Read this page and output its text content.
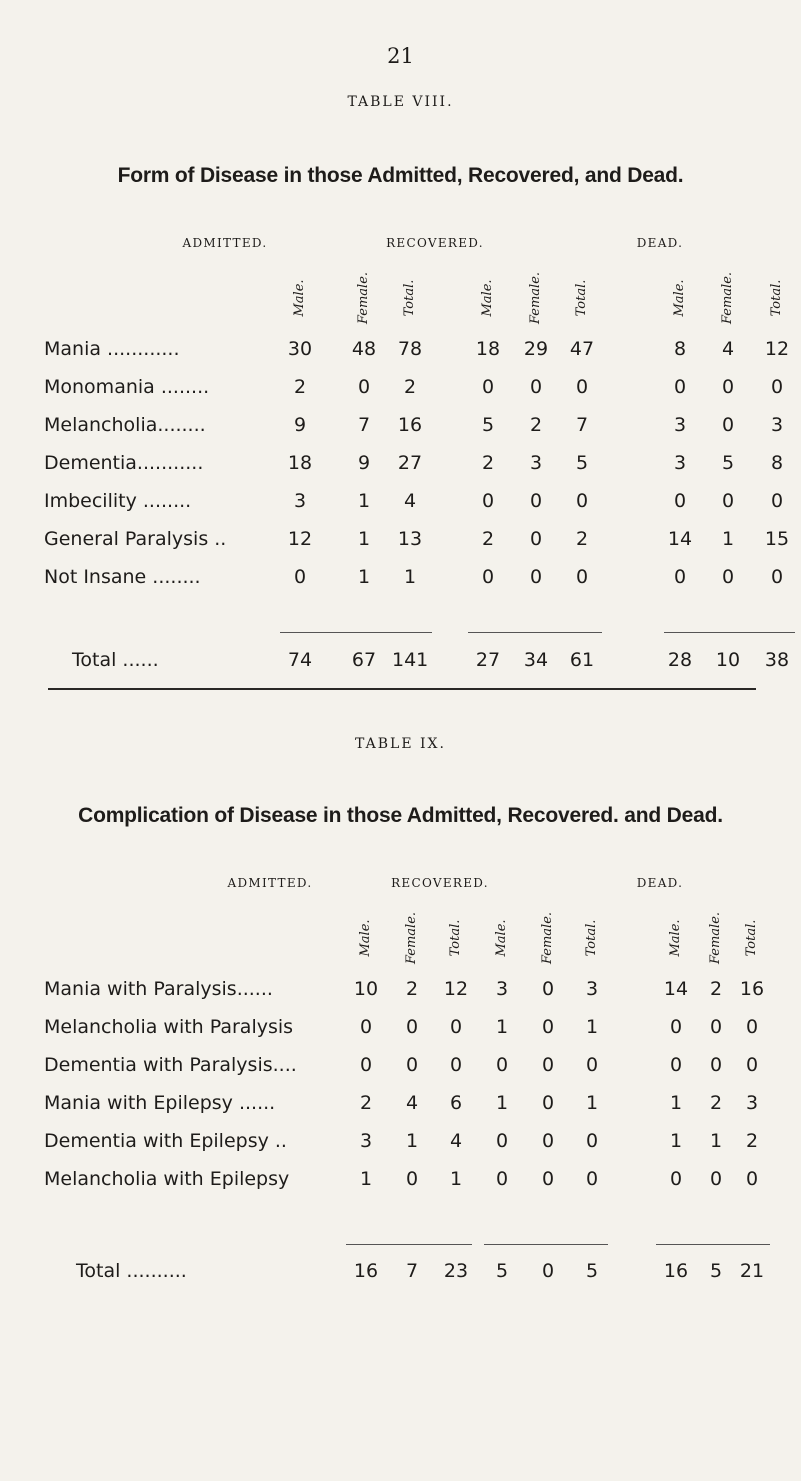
21
TABLE VIII.
Form of Disease in those Admitted, Recovered, and Dead.
ADMITTED.	RECOVERED.	DEAD.
Male.	Female. Total.	Male.	Female. Total.	Male.	Female.	Total.
Mania ............	30	48	78	18	29	47	8	4	12
Monomania ........	2	0	2	0	0	0	0	0	0
Melancholia........	9	7	16	5	2	7	3	0	3
Dementia...........	18	9	27	2	3	5	3	5	8
Imbecility ........	3	1	4	0	0	0	0	0	0
General Paralysis ..	12	1	13	2	0	2	14	1	15
Not Insane ........	0	1	1	0	0	0	0	0	0
Total ......	74	67 141	27	34	61	28	10	38
TABLE IX.
Complication of Disease in those Admitted, Recovered. and Dead.
ADMITTED.	RECOVERED.	DEAD.
Male. Female. Total. Male. Female. Total.	Male. Female. Total.
Mania with Paralysis......	10	2	12	3	0	3	14	2 16
Melancholia with Paralysis	0	0	0	1	0	1	0	0	0
Dementia with Paralysis....	0	0	0	0	0	0	0	0	0
Mania with Epilepsy ......	2	4	6	1	0	1	1	2	3
Dementia with Epilepsy ..	3	1	4	0	0	0	1	1	2
Melancholia with Epilepsy	1	0	1	0	0	0	0	0	0
Total ..........	16	7	23	5	0	5	16	5 21
